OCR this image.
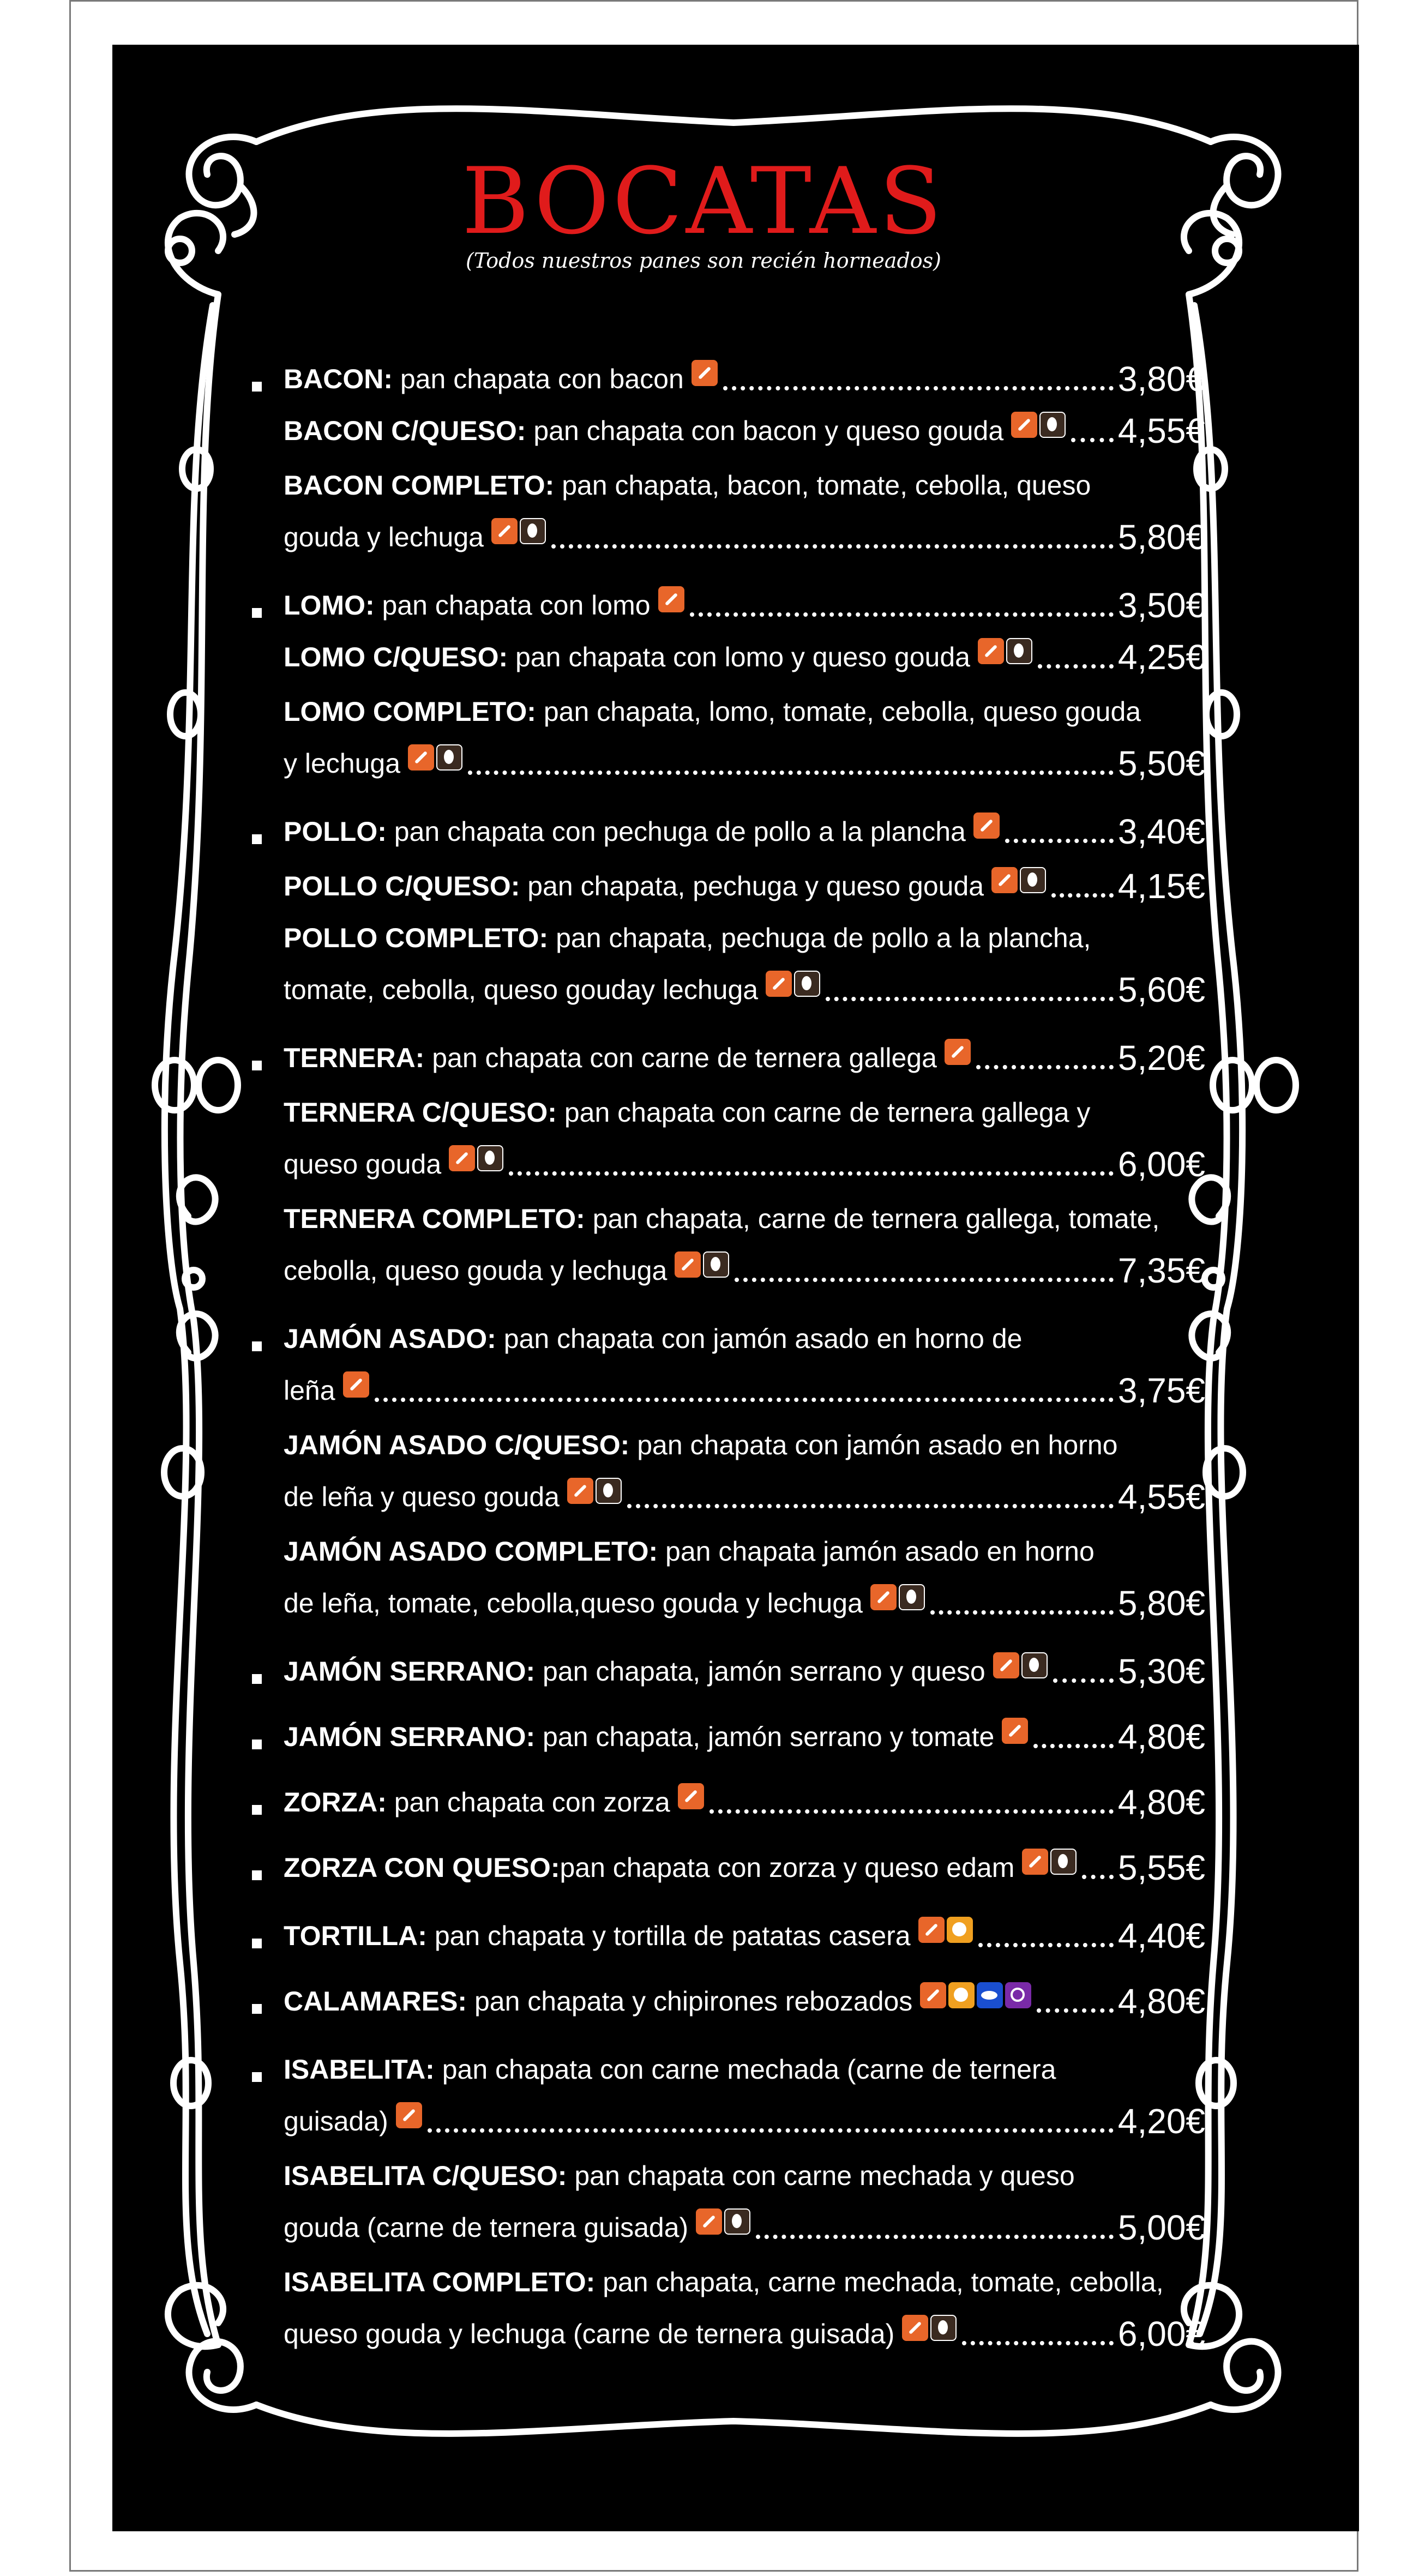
BOCATAS
(Todos nuestros panes son recién horneados)
BACON: pan chapata con bacon	3,80€
BACON C/QUESO: pan chapata con bacon y queso gouda	4,55€
BACON COMPLETO: pan chapata, bacon, tomate, cebolla, queso
gouda y lechuga	5,80€
LOMO: pan chapata con lomo	3,50€
LOMO C/QUESO: pan chapata con lomo y queso gouda	4,25€
LOMO COMPLETO: pan chapata, lomo, tomate, cebolla, queso gouda
y lechuga	5,50€
POLLO: pan chapata con pechuga de pollo a la plancha	3,40€
POLLO C/QUESO: pan chapata, pechuga y queso gouda	4,15€
POLLO COMPLETO: pan chapata, pechuga de pollo a la plancha,
tomate, cebolla, queso gouday lechuga	5,60€
TERNERA: pan chapata con carne de ternera gallega	5,20€
TERNERA C/QUESO: pan chapata con carne de ternera gallega y
queso gouda	6,00€
TERNERA COMPLETO: pan chapata, carne de ternera gallega, tomate,
cebolla, queso gouda y lechuga	7,35€
JAMÓN ASADO: pan chapata con jamón asado en horno de
leña	3,75€
JAMÓN ASADO C/QUESO: pan chapata con jamón asado en horno
de leña y queso gouda	4,55€
JAMÓN ASADO COMPLETO: pan chapata jamón asado en horno
de leña, tomate, cebolla,queso gouda y lechuga	5,80€
JAMÓN SERRANO: pan chapata, jamón serrano y queso	5,30€
JAMÓN SERRANO: pan chapata, jamón serrano y tomate	4,80€
ZORZA: pan chapata con zorza	4,80€
ZORZA CON QUESO:pan chapata con zorza y queso edam	5,55€
TORTILLA: pan chapata y tortilla de patatas casera	4,40€
CALAMARES: pan chapata y chipirones rebozados	4,80€
ISABELITA: pan chapata con carne mechada (carne de ternera
guisada)	4,20€
ISABELITA C/QUESO: pan chapata con carne mechada y queso
gouda (carne de ternera guisada)	5,00€
ISABELITA COMPLETO: pan chapata, carne mechada, tomate, cebolla,
queso gouda y lechuga (carne de ternera guisada)	6,00€
